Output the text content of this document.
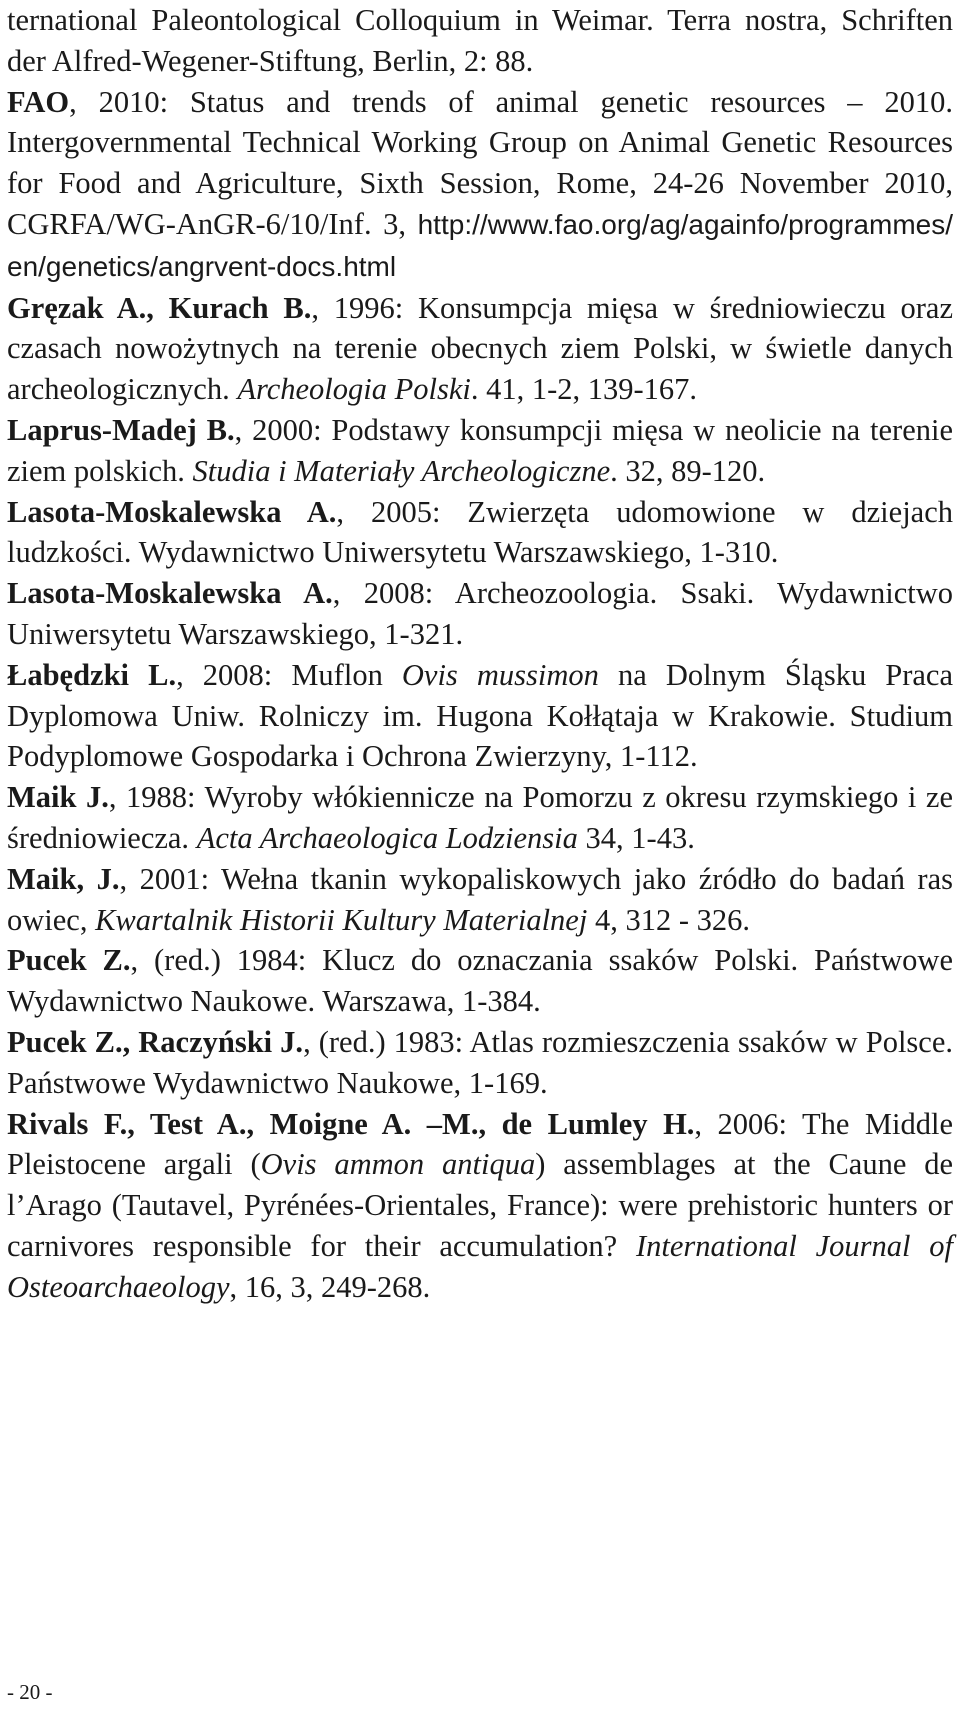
ternational Paleontological Colloquium in Weimar. Terra nostra, Schriften der Alfred-Wegener-Stiftung, Berlin, 2: 88.

FAO, 2010: Status and trends of animal genetic resources – 2010. Intergovernmental Technical Working Group on Animal Genetic Resources for Food and Agriculture, Sixth Session, Rome, 24-26 November 2010, CGRFA/WG-AnGR-6/10/Inf. 3, http://www.fao.org/ag/againfo/programmes/en/genetics/angrvent-docs.html

Gręzak A., Kurach B., 1996: Konsumpcja mięsa w średniowieczu oraz czasach nowożytnych na terenie obecnych ziem Polski, w świetle danych archeologicznych. Archeologia Polski. 41, 1-2, 139-167.

Laprus-Madej B., 2000: Podstawy konsumpcji mięsa w neolicie na terenie ziem polskich. Studia i Materiały Archeologiczne. 32, 89-120.

Lasota-Moskalewska A., 2005: Zwierzęta udomowione w dziejach ludzkości. Wydawnictwo Uniwersytetu Warszawskiego, 1-310.

Lasota-Moskalewska A., 2008: Archeozoologia. Ssaki. Wydawnictwo Uniwersytetu Warszawskiego, 1-321.

Łabędzki L., 2008: Muflon Ovis mussimon na Dolnym Śląsku Praca Dyplomowa Uniw. Rolniczy im. Hugona Kołłątaja w Krakowie. Studium Podyplomowe Gospodarka i Ochrona Zwierzyny, 1-112.

Maik J., 1988: Wyroby włókiennicze na Pomorzu z okresu rzymskiego i ze średniowiecza. Acta Archaeologica Lodziensia 34, 1-43.

Maik, J., 2001: Wełna tkanin wykopaliskowych jako źródło do badań ras owiec, Kwartalnik Historii Kultury Materialnej 4, 312 - 326.

Pucek Z., (red.) 1984: Klucz do oznaczania ssaków Polski. Państwowe Wydawnictwo Naukowe. Warszawa, 1-384.

Pucek Z., Raczyński J., (red.) 1983: Atlas rozmieszczenia ssaków w Polsce. Państwowe Wydawnictwo Naukowe, 1-169.

Rivals F., Test A., Moigne A. –M., de Lumley H., 2006: The Middle Pleistocene argali (Ovis ammon antiqua) assemblages at the Caune de l’Arago (Tautavel, Pyrénées-Orientales, France): were prehistoric hunters or carnivores responsible for their accumulation? International Journal of Osteoarchaeology, 16, 3, 249-268.

- 20 -
